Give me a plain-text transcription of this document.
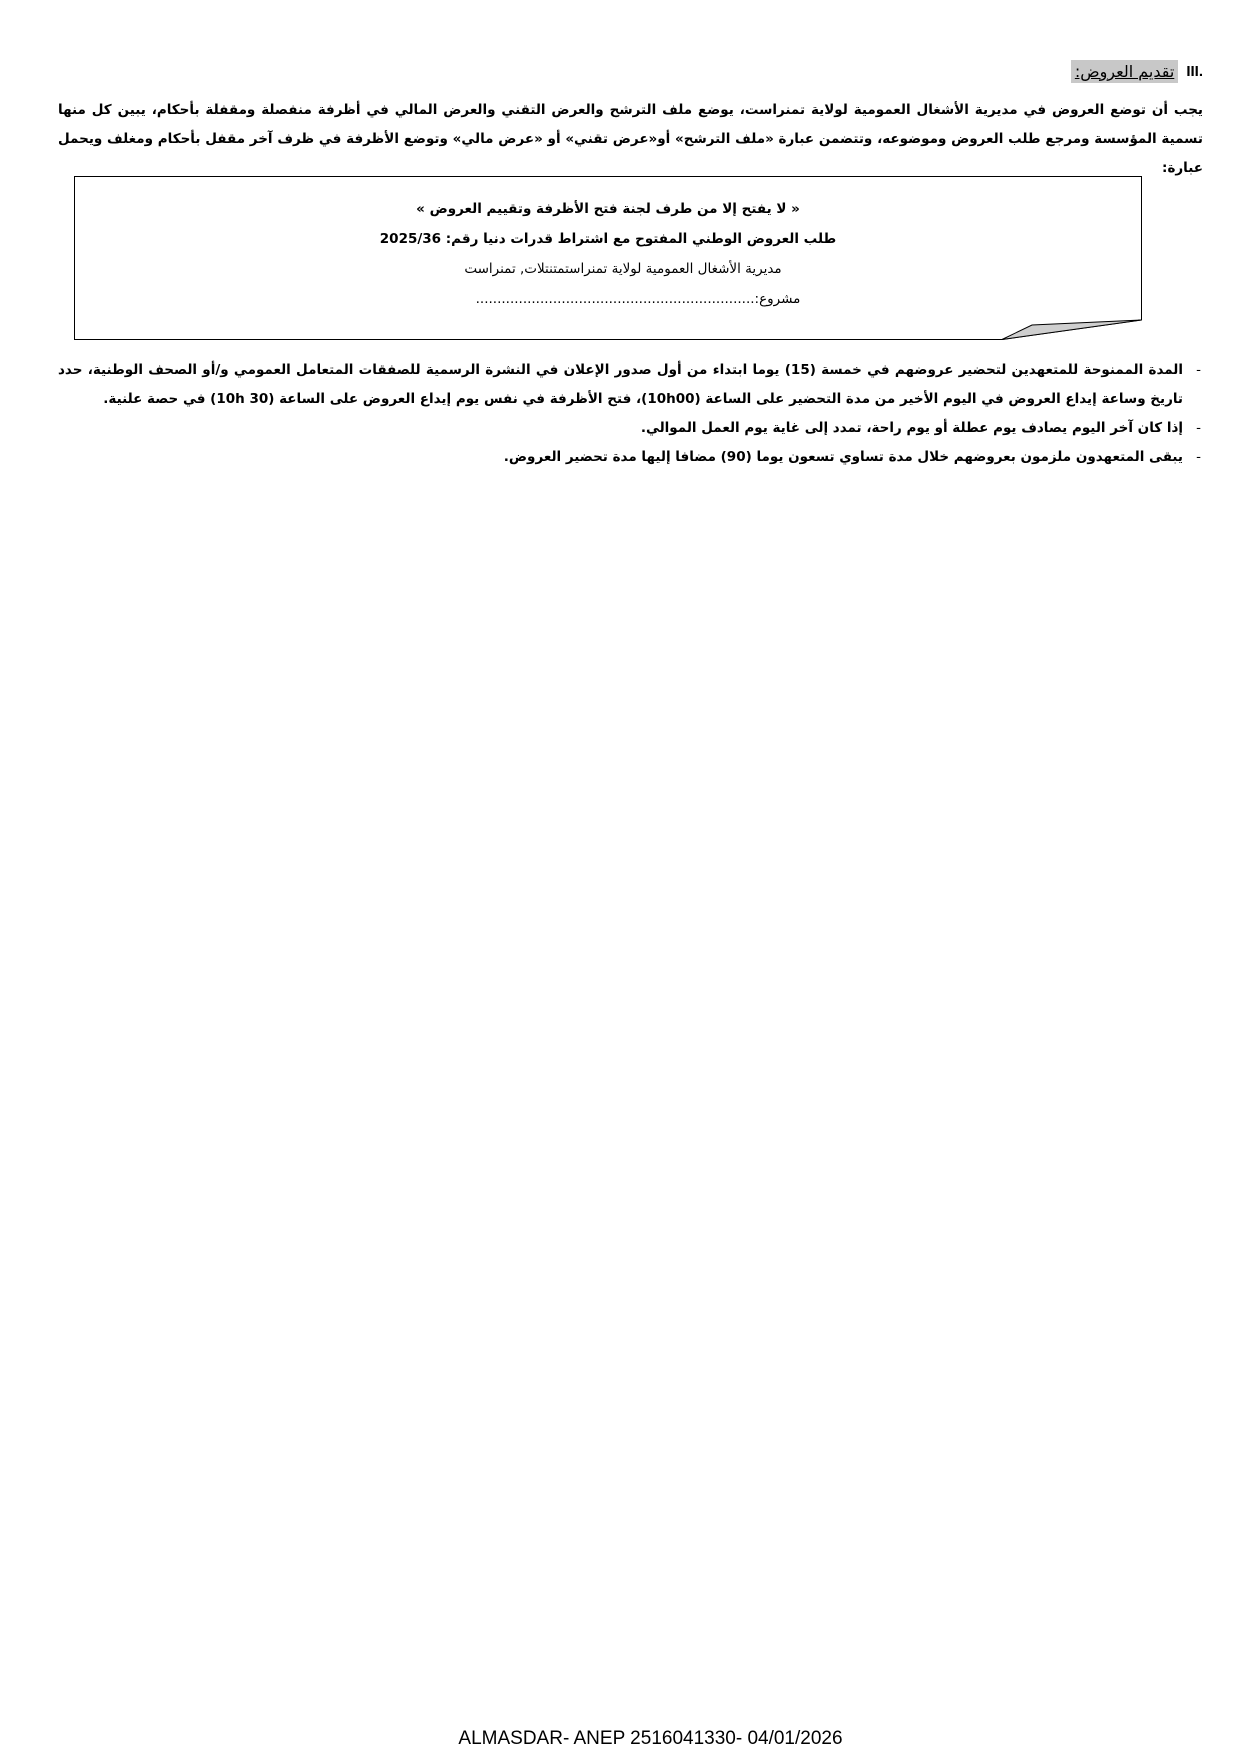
.III
تقديم العروض:

يجب أن توضع العروض في مديرية الأشغال العمومية لولاية تمنراست، يوضع ملف الترشح والعرض التقني والعرض المالي في أظرفة منفصلة ومقفلة بأحكام، يبين كل منها تسمية المؤسسة ومرجع طلب العروض وموضوعه، وتتضمن عبارة «ملف الترشح» أو«عرض تقني» أو «عرض مالي» وتوضع الأظرفة في ظرف آخر مقفل بأحكام ومغلف ويحمل عبارة:

« لا يفتح إلا من طرف لجنة فتح الأظرفة وتقييم العروض »
طلب العروض الوطني المفتوح مع اشتراط قدرات دنيا رقم: 2025/36
مديرية الأشغال العمومية لولاية تمنراستمتنتلات, تمنراست
مشروع:.................................................................
-
المدة الممنوحة للمتعهدين لتحضير عروضهم في خمسة (15) يوما ابتداء من أول صدور الإعلان في النشرة الرسمية للصفقات المتعامل العمومي و/أو الصحف الوطنية، حدد تاريخ وساعة إيداع العروض في اليوم الأخير من مدة التحضير على الساعة (10h00)، فتح الأظرفة في نفس يوم إيداع العروض على الساعة (10h 30) في حصة علنية.
-
إذا كان آخر اليوم يصادف يوم عطلة أو يوم راحة، تمدد إلى غاية يوم العمل الموالي.
-
يبقى المتعهدون ملزمون بعروضهم خلال مدة تساوي تسعون يوما (90) مضافا إليها مدة تحضير العروض.
ALMASDAR- ANEP 2516041330- 04/01/2026
